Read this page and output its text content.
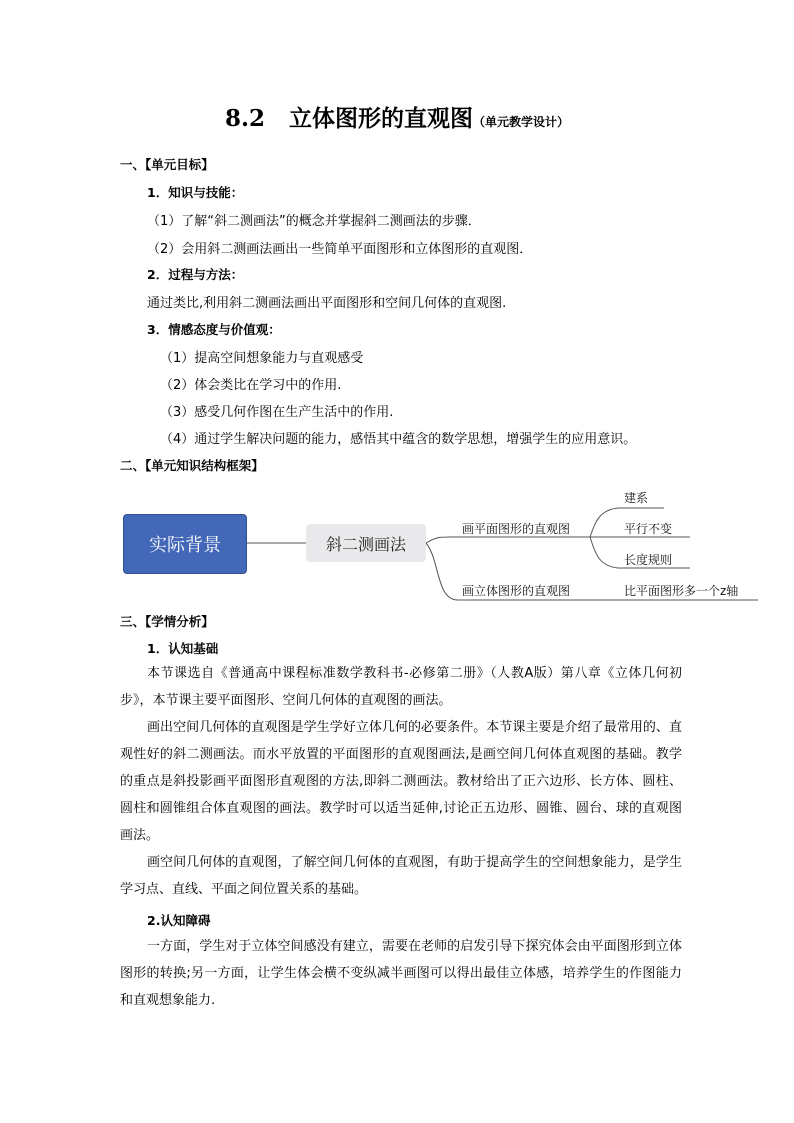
8.2 立体图形的直观图（单元教学设计）
一、【单元目标】
1．知识与技能：
（1）了解“斜二测画法”的概念并掌握斜二测画法的步骤．
（2）会用斜二测画法画出一些简单平面图形和立体图形的直观图．
2．过程与方法：
通过类比,利用斜二测画法画出平面图形和空间几何体的直观图.
3．情感态度与价值观：
（1）提高空间想象能力与直观感受
（2）体会类比在学习中的作用.
（3）感受几何作图在生产生活中的作用.
（4）通过学生解决问题的能力，感悟其中蕴含的数学思想，增强学生的应用意识。
二、【单元知识结构框架】
实际背景	斜二测画法
画平面图形的直观图
画立体图形的直观图
建系
平行不变
长度规则
比平面图形多一个z轴
三、【学情分析】
1．认知基础
本节课选自《普通高中课程标准数学教科书-必修第二册》（人教A版）第八章《立体几何初步》，本节课主要平面图形、空间几何体的直观图的画法。
画出空间几何体的直观图是学生学好立体几何的必要条件。本节课主要是介绍了最常用的、直观性好的斜二测画法。而水平放置的平面图形的直观图画法,是画空间几何体直观图的基础。教学的重点是斜投影画平面图形直观图的方法,即斜二测画法。教材给出了正六边形、长方体、圆柱、圆柱和圆锥组合体直观图的画法。教学时可以适当延伸,讨论正五边形、圆锥、圆台、球的直观图画法。
画空间几何体的直观图，了解空间几何体的直观图，有助于提高学生的空间想象能力，是学生学习点、直线、平面之间位置关系的基础。
2.认知障碍
一方面，学生对于立体空间感没有建立，需要在老师的启发引导下探究体会由平面图形到立体图形的转换;另一方面，让学生体会横不变纵减半画图可以得出最佳立体感，培养学生的作图能力和直观想象能力.
